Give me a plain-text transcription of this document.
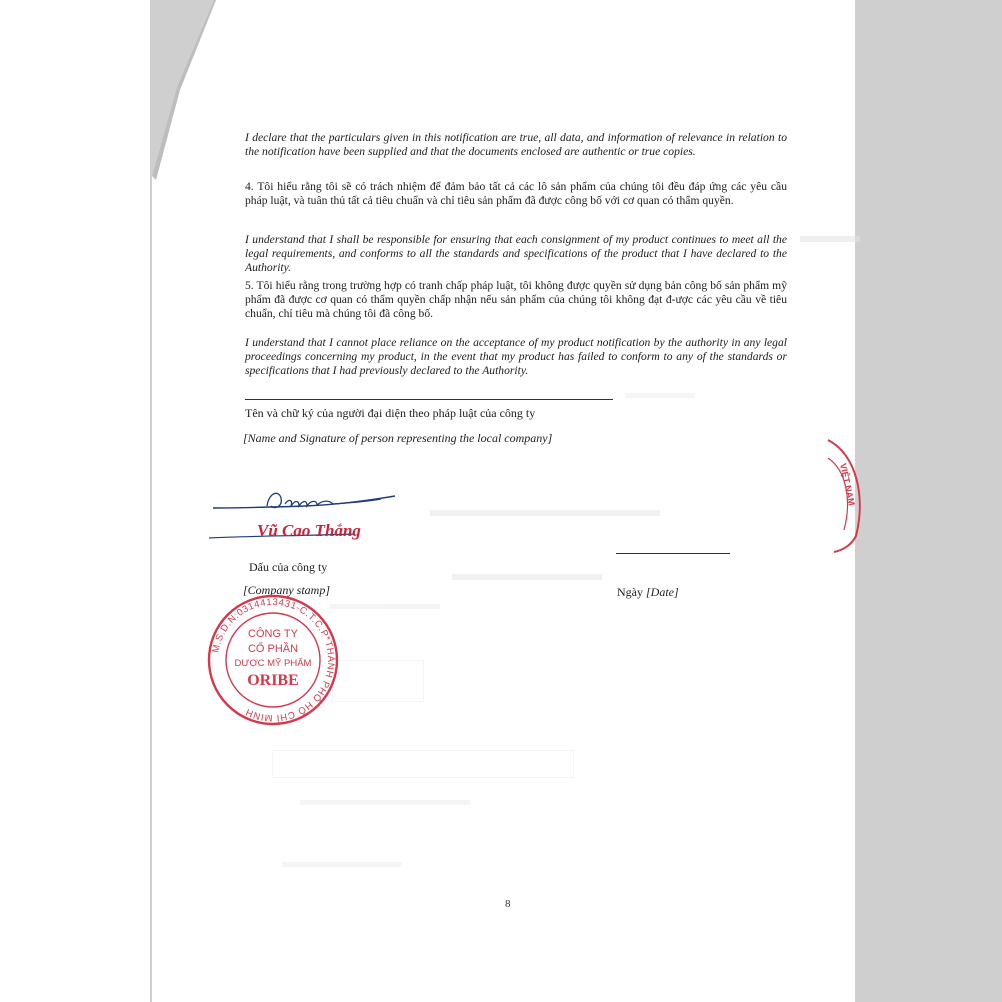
I declare that the particulars given in this notification are true, all data, and information of relevance in relation to the notification have been supplied and that the documents enclosed are authentic or true copies.

4. Tôi hiểu rằng tôi sẽ có trách nhiệm để đảm bảo tất cả các lô sản phẩm của chúng tôi đều đáp ứng các yêu cầu pháp luật, và tuân thủ tất cả tiêu chuẩn và chỉ tiêu sản phẩm đã được công bố với cơ quan có thẩm quyền.

I understand that I shall be responsible for ensuring that each consignment of my product continues to meet all the legal requirements, and conforms to all the standards and specifications of the product that I have declared to the Authority.

5. Tôi hiểu rằng trong trường hợp có tranh chấp pháp luật, tôi không được quyền sử dụng bản công bố sản phẩm mỹ phẩm đã được cơ quan có thẩm quyền chấp nhận nếu sản phẩm của chúng tôi không đạt đ-ược các yêu cầu về tiêu chuẩn, chỉ tiêu mà chúng tôi đã công bố.

I understand that I cannot place reliance on the acceptance of my product notification by the authority in any legal proceedings concerning my product, in the event that my product has failed to conform to any of the standards or specifications that I had previously declared to the Authority.

Tên và chữ ký của người đại diện theo pháp luật của công ty

[Name and Signature of person representing the local company]

Vũ Cao Thắng

Dấu của công ty

[Company stamp]	Ngày [Date]

M.S.D.N:0314413431-C.T.C.P*THÀNH PHỐ HỒ CHÍ MINH
CÔNG TY
CỔ PHẦN
DƯỢC MỸ PHẨM
ORIBE
VIỆT NAM
8
